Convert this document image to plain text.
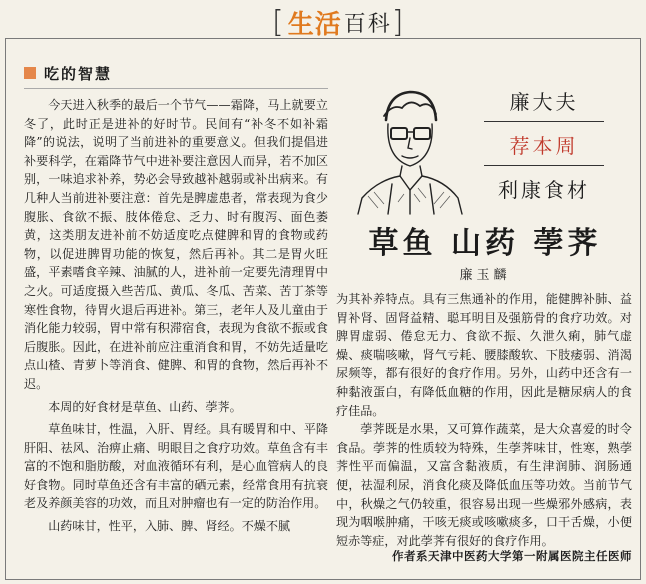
[ 生活 百科 ]
吃的智慧

今天进入秋季的最后一个节气——霜降，马上就要立冬了，此时正是进补的好时节。民间有“补冬不如补霜降”的说法，说明了当前进补的重要意义。但我们提倡进补要科学，在霜降节气中进补要注意因人而异，若不加区别，一味追求补养，势必会导致越补越弱或补出病来。有几种人当前进补要注意：首先是脾虚患者，常表现为食少腹胀、食欲不振、肢体倦怠、乏力、时有腹泻、面色萎黄，这类朋友进补前不妨适度吃点健脾和胃的食物或药物，以促进脾胃功能的恢复，然后再补。其二是胃火旺盛，平素嗜食辛辣、油腻的人，进补前一定要先清理胃中之火。可适度摄入些苦瓜、黄瓜、冬瓜、苦菜、苦丁茶等寒性食物，待胃火退后再进补。第三，老年人及儿童由于消化能力较弱，胃中常有积滞宿食，表现为食欲不振或食后腹胀。因此，在进补前应注重消食和胃，不妨先适量吃点山楂、青萝卜等消食、健脾、和胃的食物，然后再补不迟。

本周的好食材是草鱼、山药、荸荠。

草鱼味甘，性温，入肝、胃经。具有暖胃和中、平降肝阳、祛风、治痹止痛、明眼目之食疗功效。草鱼含有丰富的不饱和脂肪酸，对血液循环有利，是心血管病人的良好食物。同时草鱼还含有丰富的硒元素，经常食用有抗衰老及养颜美容的功效，而且对肿瘤也有一定的防治作用。

山药味甘，性平，入肺、脾、肾经。不燥不腻

廉大夫
荐本周
利康食材
草鱼 山药 荸荠
廉玉麟

为其补养特点。具有三焦通补的作用，能健脾补肺、益胃补肾、固肾益精、聪耳明目及强筋骨的食疗功效。对脾胃虚弱、倦怠无力、食欲不振、久泄久痢，肺气虚燥、痰喘咳嗽，肾气亏耗、腰膝酸软、下肢痿弱、消渴尿频等，都有很好的食疗作用。另外，山药中还含有一种黏液蛋白，有降低血糖的作用，因此是糖尿病人的食疗佳品。

荸荠既是水果，又可算作蔬菜，是大众喜爱的时令食品。荸荠的性质较为特殊，生荸荠味甘，性寒，熟荸荠性平而偏温，又富含黏液质，有生津润肺、润肠通便，祛湿利尿，消食化痰及降低血压等功效。当前节气中，秋燥之气仍较重，很容易出现一些燥邪外感病，表现为咽喉肿痛，干咳无痰或咳嗽痰多，口干舌燥，小便短赤等症，对此荸荠有很好的食疗作用。

作者系天津中医药大学第一附属医院主任医师
